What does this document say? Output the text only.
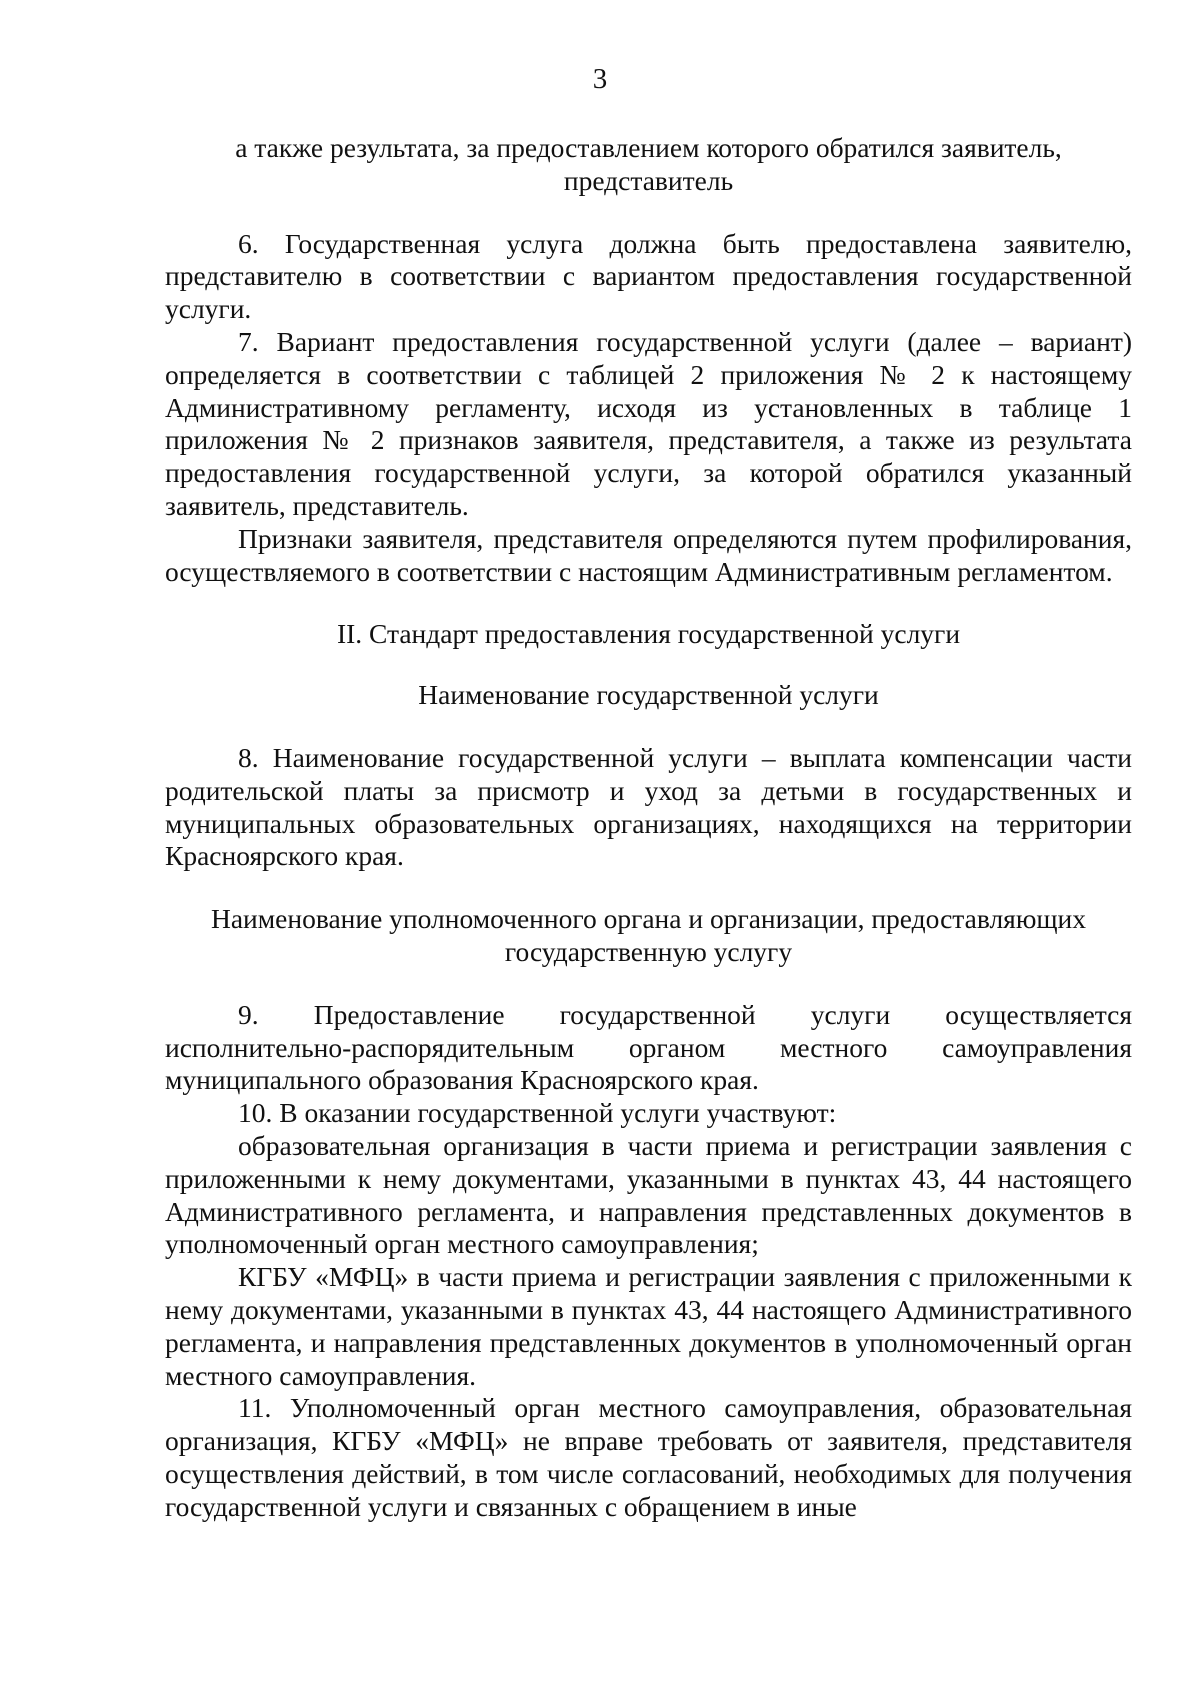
3

а также результата, за предоставлением которого обратился заявитель, представитель

6. Государственная услуга должна быть предоставлена заявителю, представителю в соответствии с вариантом предоставления государственной услуги.

7. Вариант предоставления государственной услуги (далее – вариант) определяется в соответствии с таблицей 2 приложения № 2 к настоящему Административному регламенту, исходя из установленных в таблице 1 приложения № 2 признаков заявителя, представителя, а также из результата предоставления государственной услуги, за которой обратился указанный заявитель, представитель.

Признаки заявителя, представителя определяются путем профилирования, осуществляемого в соответствии с настоящим Административным регламентом.

II. Стандарт предоставления государственной услуги

Наименование государственной услуги

8. Наименование государственной услуги – выплата компенсации части родительской платы за присмотр и уход за детьми в государственных и муниципальных образовательных организациях, находящихся на территории Красноярского края.

Наименование уполномоченного органа и организации, предоставляющих государственную услугу

9. Предоставление государственной услуги осуществляется исполнительно-распорядительным органом местного самоуправления муниципального образования Красноярского края.

10. В оказании государственной услуги участвуют:

образовательная организация в части приема и регистрации заявления с приложенными к нему документами, указанными в пунктах 43, 44 настоящего Административного регламента, и направления представленных документов в уполномоченный орган местного самоуправления;

КГБУ «МФЦ» в части приема и регистрации заявления с приложенными к нему документами, указанными в пунктах 43, 44 настоящего Административного регламента, и направления представленных документов в уполномоченный орган местного самоуправления.

11. Уполномоченный орган местного самоуправления, образовательная организация, КГБУ «МФЦ» не вправе требовать от заявителя, представителя осуществления действий, в том числе согласований, необходимых для получения государственной услуги и связанных с обращением в иные
